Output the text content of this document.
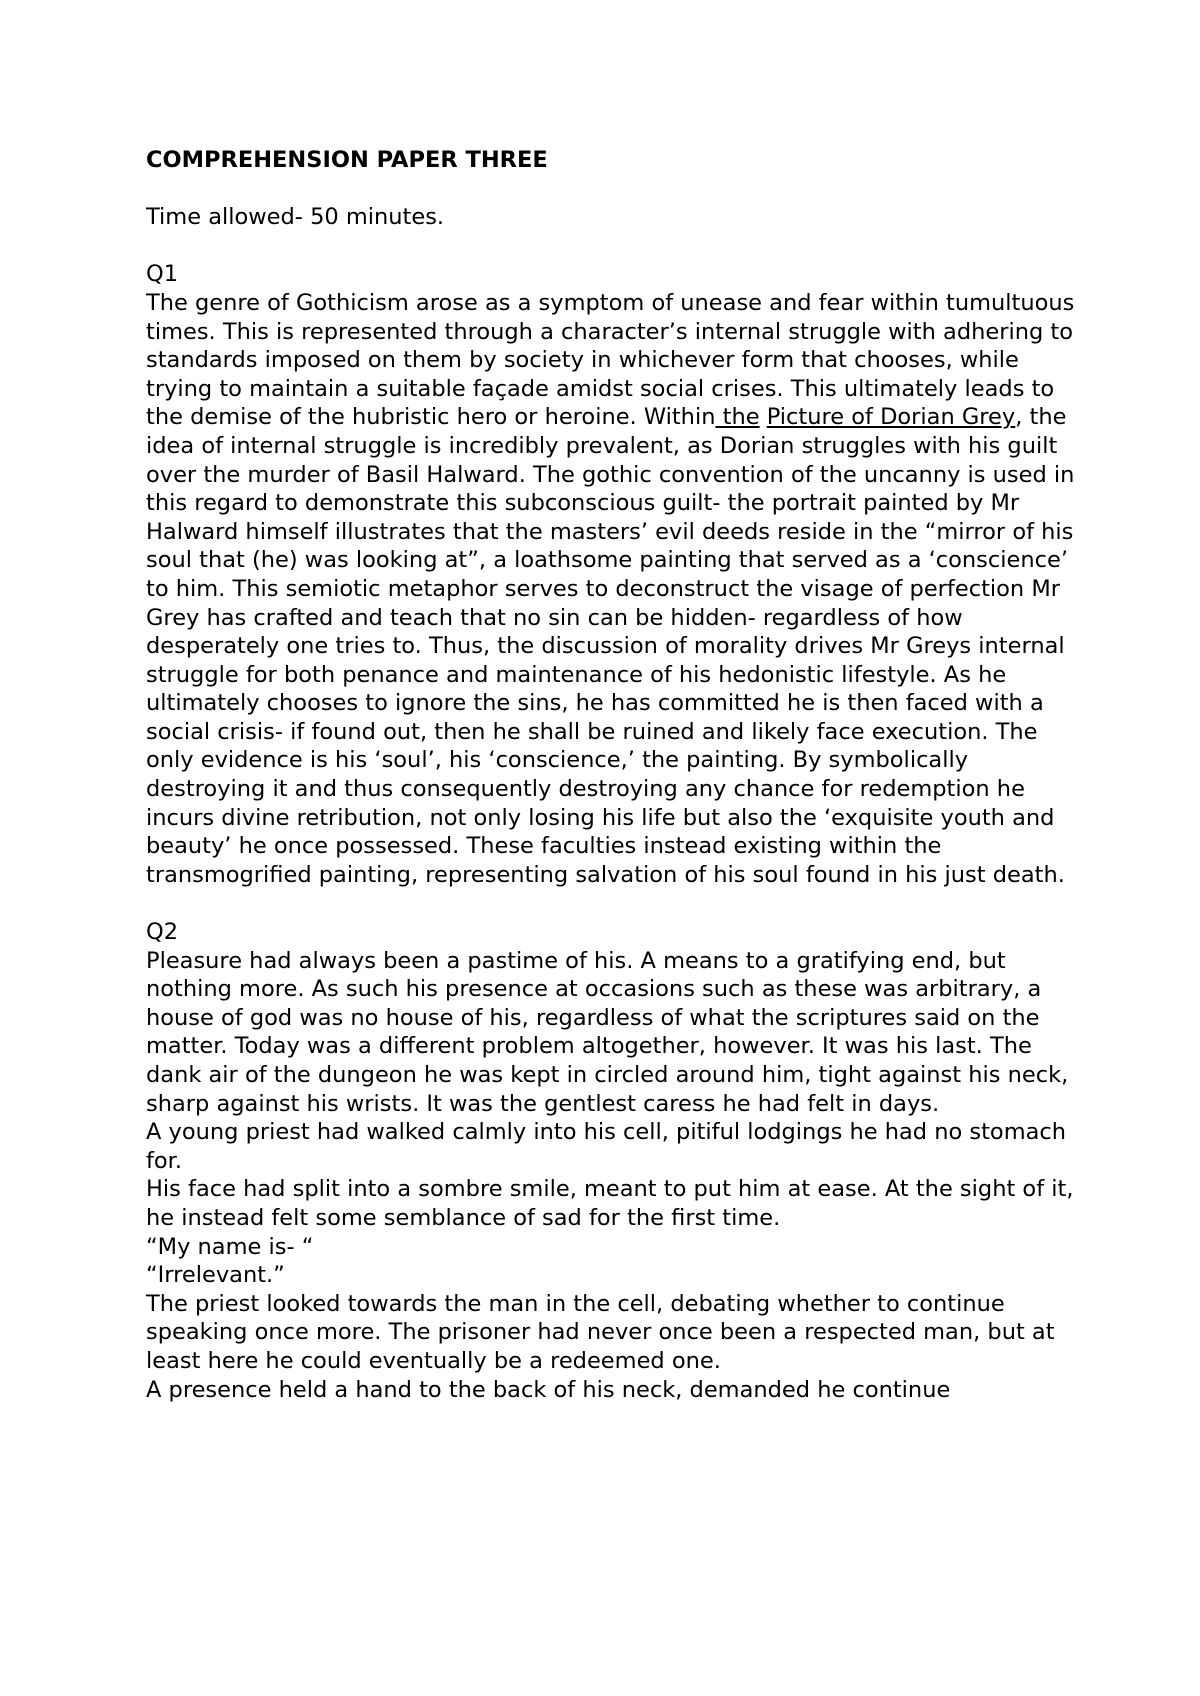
COMPREHENSION PAPER THREE
Time allowed- 50 minutes.
Q1
The genre of Gothicism arose as a symptom of unease and fear within tumultuous times. This is represented through a character’s internal struggle with adhering to standards imposed on them by society in whichever form that chooses, while trying to maintain a suitable façade amidst social crises. This ultimately leads to the demise of the hubristic hero or heroine. Within the Picture of Dorian Grey, the idea of internal struggle is incredibly prevalent, as Dorian struggles with his guilt over the murder of Basil Halward. The gothic convention of the uncanny is used in this regard to demonstrate this subconscious guilt- the portrait painted by Mr Halward himself illustrates that the masters’ evil deeds reside in the “mirror of his soul that (he) was looking at”, a loathsome painting that served as a ‘conscience’ to him. This semiotic metaphor serves to deconstruct the visage of perfection Mr Grey has crafted and teach that no sin can be hidden- regardless of how desperately one tries to. Thus, the discussion of morality drives Mr Greys internal struggle for both penance and maintenance of his hedonistic lifestyle. As he ultimately chooses to ignore the sins, he has committed he is then faced with a social crisis- if found out, then he shall be ruined and likely face execution. The only evidence is his ‘soul’, his ‘conscience,’ the painting. By symbolically destroying it and thus consequently destroying any chance for redemption he incurs divine retribution, not only losing his life but also the ‘exquisite youth and beauty’ he once possessed. These faculties instead existing within the transmogrified painting, representing salvation of his soul found in his just death.
Q2
Pleasure had always been a pastime of his. A means to a gratifying end, but nothing more. As such his presence at occasions such as these was arbitrary, a house of god was no house of his, regardless of what the scriptures said on the matter. Today was a different problem altogether, however. It was his last. The dank air of the dungeon he was kept in circled around him, tight against his neck, sharp against his wrists. It was the gentlest caress he had felt in days.
A young priest had walked calmly into his cell, pitiful lodgings he had no stomach for.
His face had split into a sombre smile, meant to put him at ease. At the sight of it, he instead felt some semblance of sad for the first time.
“My name is- “
“Irrelevant.”
The priest looked towards the man in the cell, debating whether to continue speaking once more. The prisoner had never once been a respected man, but at least here he could eventually be a redeemed one.
A presence held a hand to the back of his neck, demanded he continue
